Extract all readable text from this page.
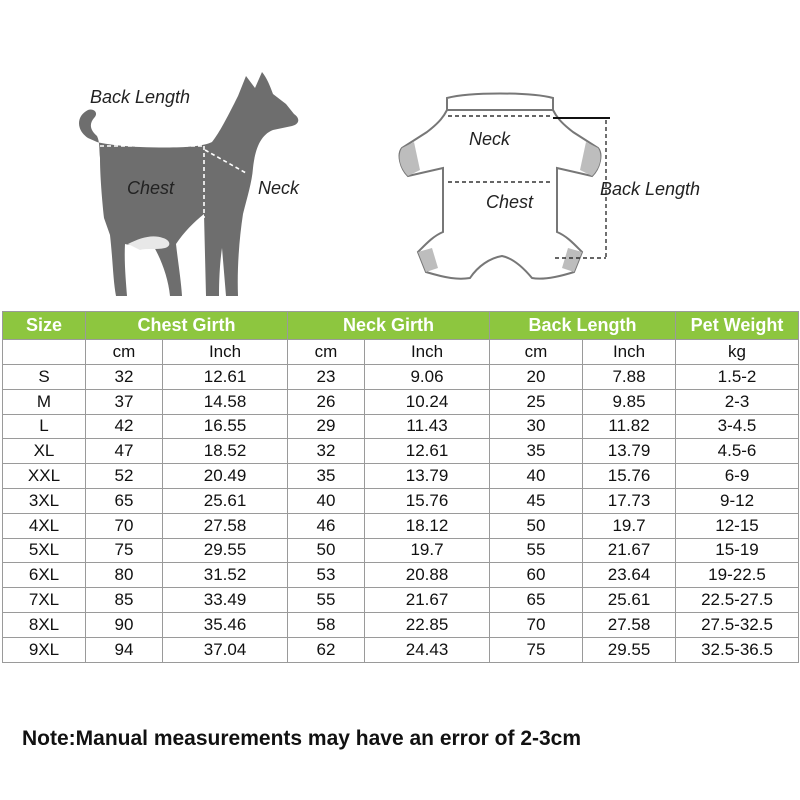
Back Length
Chest	Neck
Neck
Chest
Back Length
Size	Chest Girth		Neck Girth		Back Length		Pet Weight
	cm	Inch	cm	Inch	cm	Inch	kg
S	32	12.61	23	9.06	20	7.88	1.5-2
M	37	14.58	26	10.24	25	9.85	2-3
L	42	16.55	29	11.43	30	11.82	3-4.5
XL	47	18.52	32	12.61	35	13.79	4.5-6
XXL	52	20.49	35	13.79	40	15.76	6-9
3XL	65	25.61	40	15.76	45	17.73	9-12
4XL	70	27.58	46	18.12	50	19.7	12-15
5XL	75	29.55	50	19.7	55	21.67	15-19
6XL	80	31.52	53	20.88	60	23.64	19-22.5
7XL	85	33.49	55	21.67	65	25.61	22.5-27.5
8XL	90	35.46	58	22.85	70	27.58	27.5-32.5
9XL	94	37.04	62	24.43	75	29.55	32.5-36.5
Note:Manual measurements may have an error of 2-3cm
